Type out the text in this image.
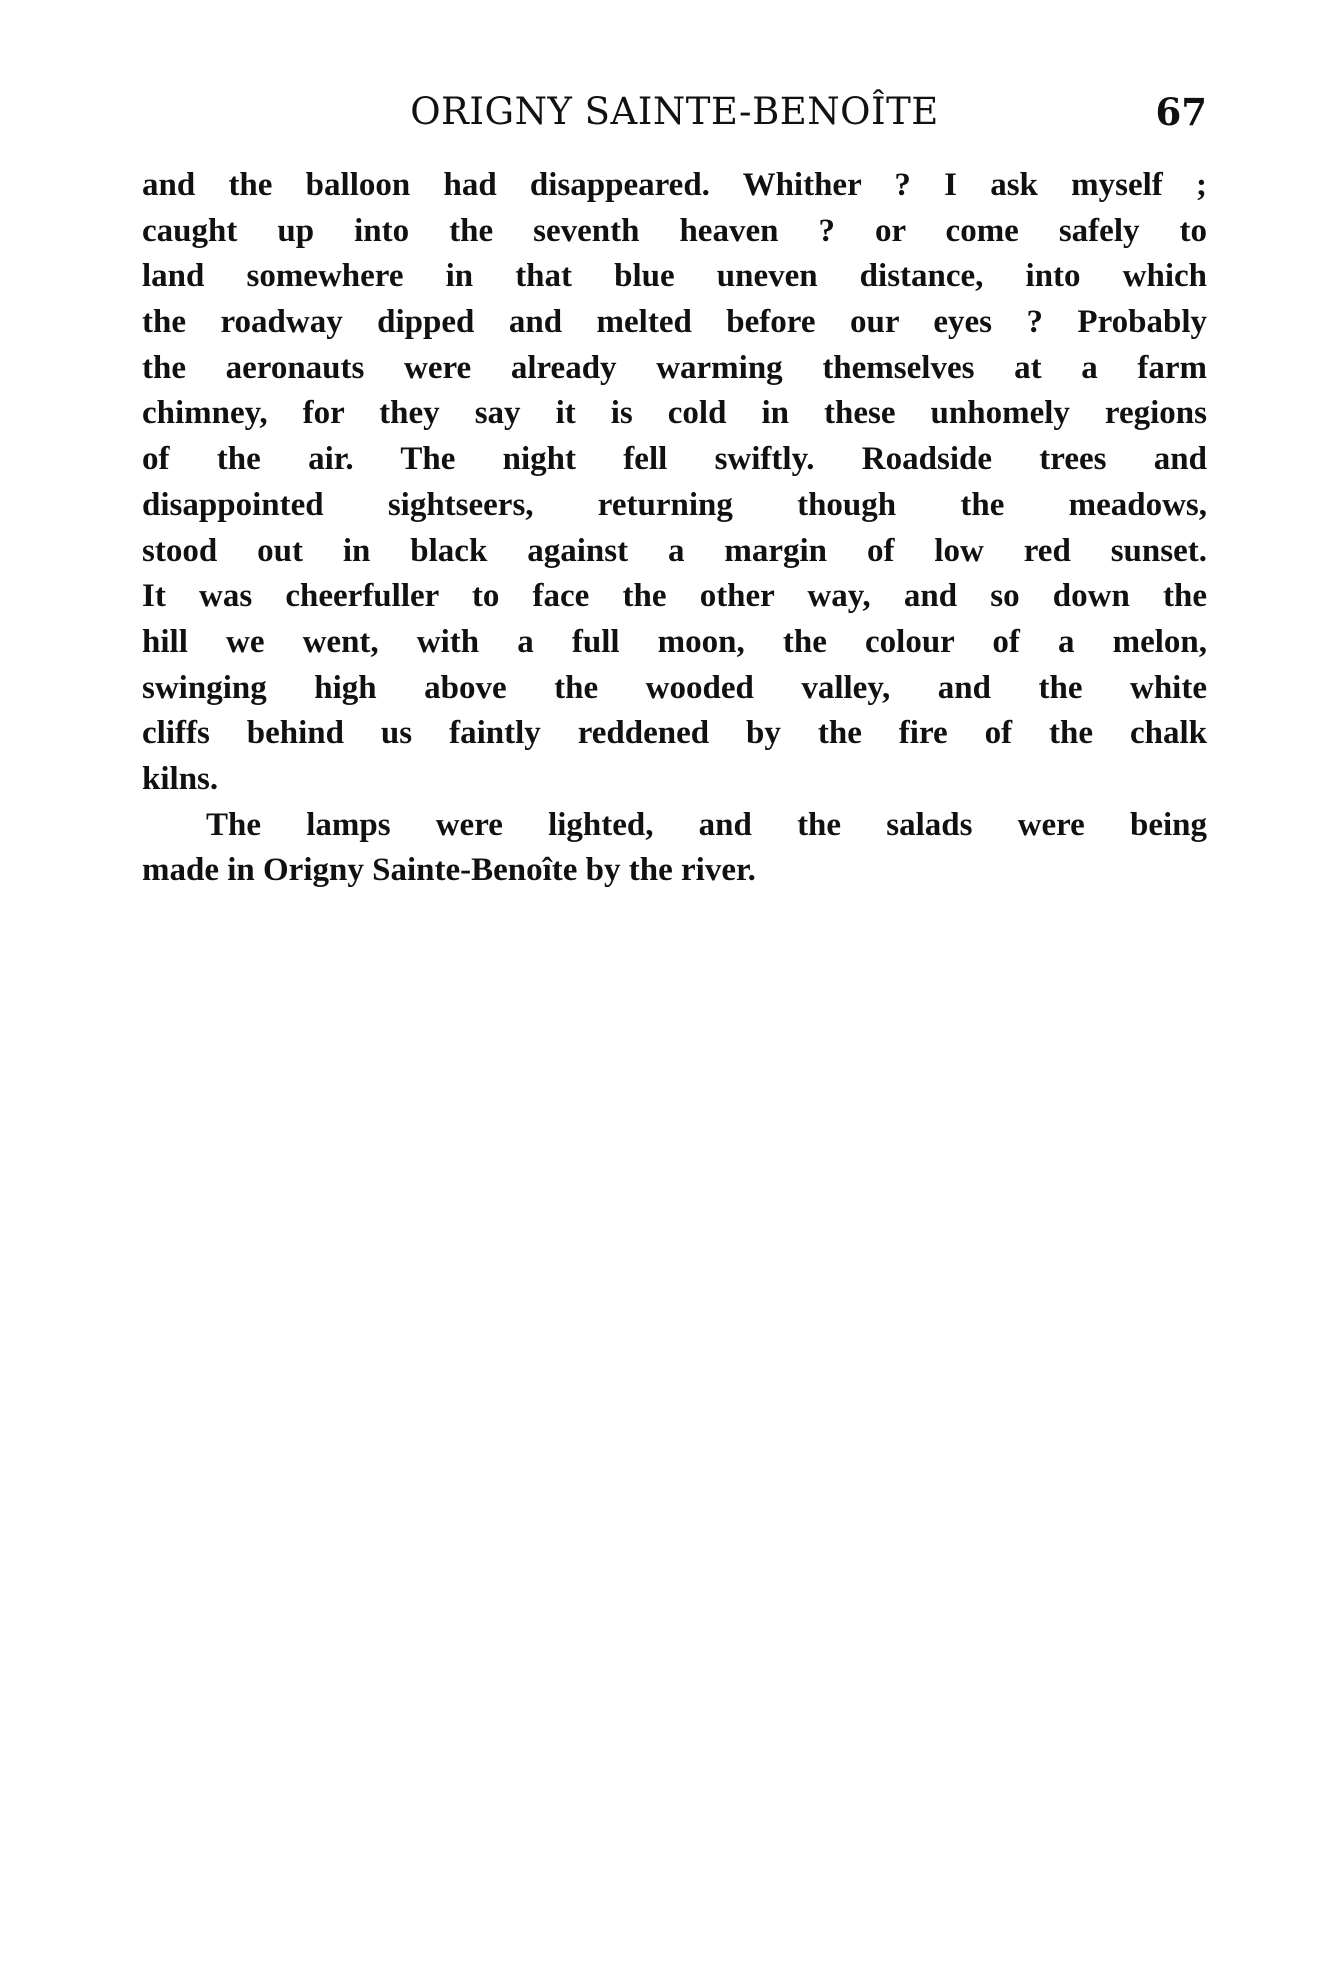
ORIGNY SAINTE-BENOÎTE	67
and the balloon had disappeared. Whither ? I ask myself ;
caught up into the seventh heaven ? or come safely to
land somewhere in that blue uneven distance, into which
the roadway dipped and melted before our eyes ? Probably
the aeronauts were already warming themselves at a farm
chimney, for they say it is cold in these unhomely regions
of the air. The night fell swiftly. Roadside trees and
disappointed sightseers, returning though the meadows,
stood out in black against a margin of low red sunset.
It was cheerfuller to face the other way, and so down the
hill we went, with a full moon, the colour of a melon,
swinging high above the wooded valley, and the white
cliffs behind us faintly reddened by the fire of the chalk
kilns.
The lamps were lighted, and the salads were being
made in Origny Sainte-Benoîte by the river.
